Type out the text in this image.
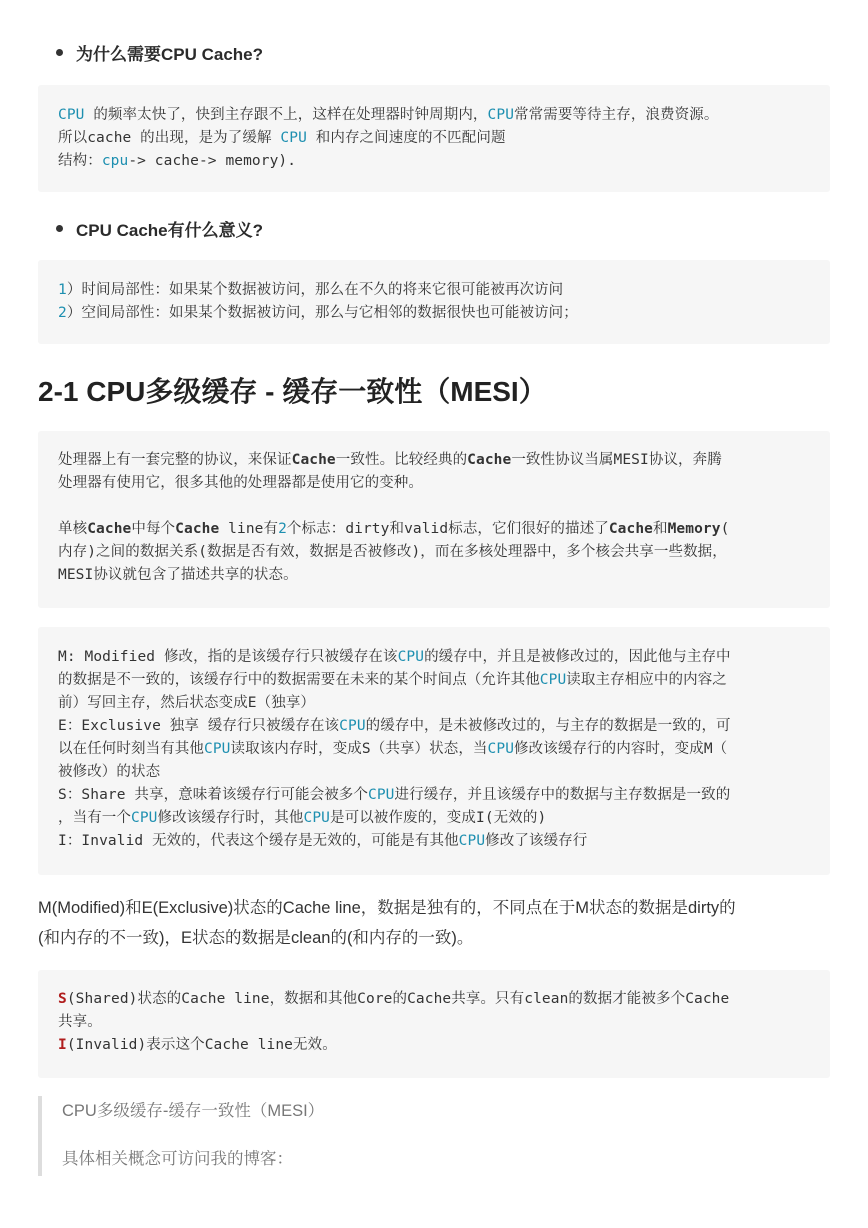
为什么需要CPU Cache?
CPU 的频率太快了，快到主存跟不上，这样在处理器时钟周期内，CPU常常需要等待主存，浪费资源。
所以cache 的出现，是为了缓解 CPU 和内存之间速度的不匹配问题
结构：cpu-> cache-> memory).
CPU Cache有什么意义?
1）时间局部性：如果某个数据被访问，那么在不久的将来它很可能被再次访问
2）空间局部性：如果某个数据被访问，那么与它相邻的数据很快也可能被访问；
2-1 CPU多级缓存 - 缓存一致性（MESI）
处理器上有一套完整的协议，来保证Cache一致性。比较经典的Cache一致性协议当属MESI协议，奔腾
处理器有使用它，很多其他的处理器都是使用它的变种。
单核Cache中每个Cache line有2个标志：dirty和valid标志，它们很好的描述了Cache和Memory(
内存)之间的数据关系(数据是否有效，数据是否被修改)，而在多核处理器中，多个核会共享一些数据，
MESI协议就包含了描述共享的状态。
M: Modified 修改，指的是该缓存行只被缓存在该CPU的缓存中，并且是被修改过的，因此他与主存中
的数据是不一致的，该缓存行中的数据需要在未来的某个时间点（允许其他CPU读取主存相应中的内容之
前）写回主存，然后状态变成E（独享）
E：Exclusive 独享 缓存行只被缓存在该CPU的缓存中，是未被修改过的，与主存的数据是一致的，可
以在任何时刻当有其他CPU读取该内存时，变成S（共享）状态，当CPU修改该缓存行的内容时，变成M（
被修改）的状态
S：Share 共享，意味着该缓存行可能会被多个CPU进行缓存，并且该缓存中的数据与主存数据是一致的
，当有一个CPU修改该缓存行时，其他CPU是可以被作废的，变成I(无效的)
I：Invalid 无效的，代表这个缓存是无效的，可能是有其他CPU修改了该缓存行
M(Modified)和E(Exclusive)状态的Cache line，数据是独有的，不同点在于M状态的数据是dirty的
(和内存的不一致)，E状态的数据是clean的(和内存的一致)。
S(Shared)状态的Cache line，数据和其他Core的Cache共享。只有clean的数据才能被多个Cache
共享。
I(Invalid)表示这个Cache line无效。
CPU多级缓存-缓存一致性（MESI）
具体相关概念可访问我的博客：
